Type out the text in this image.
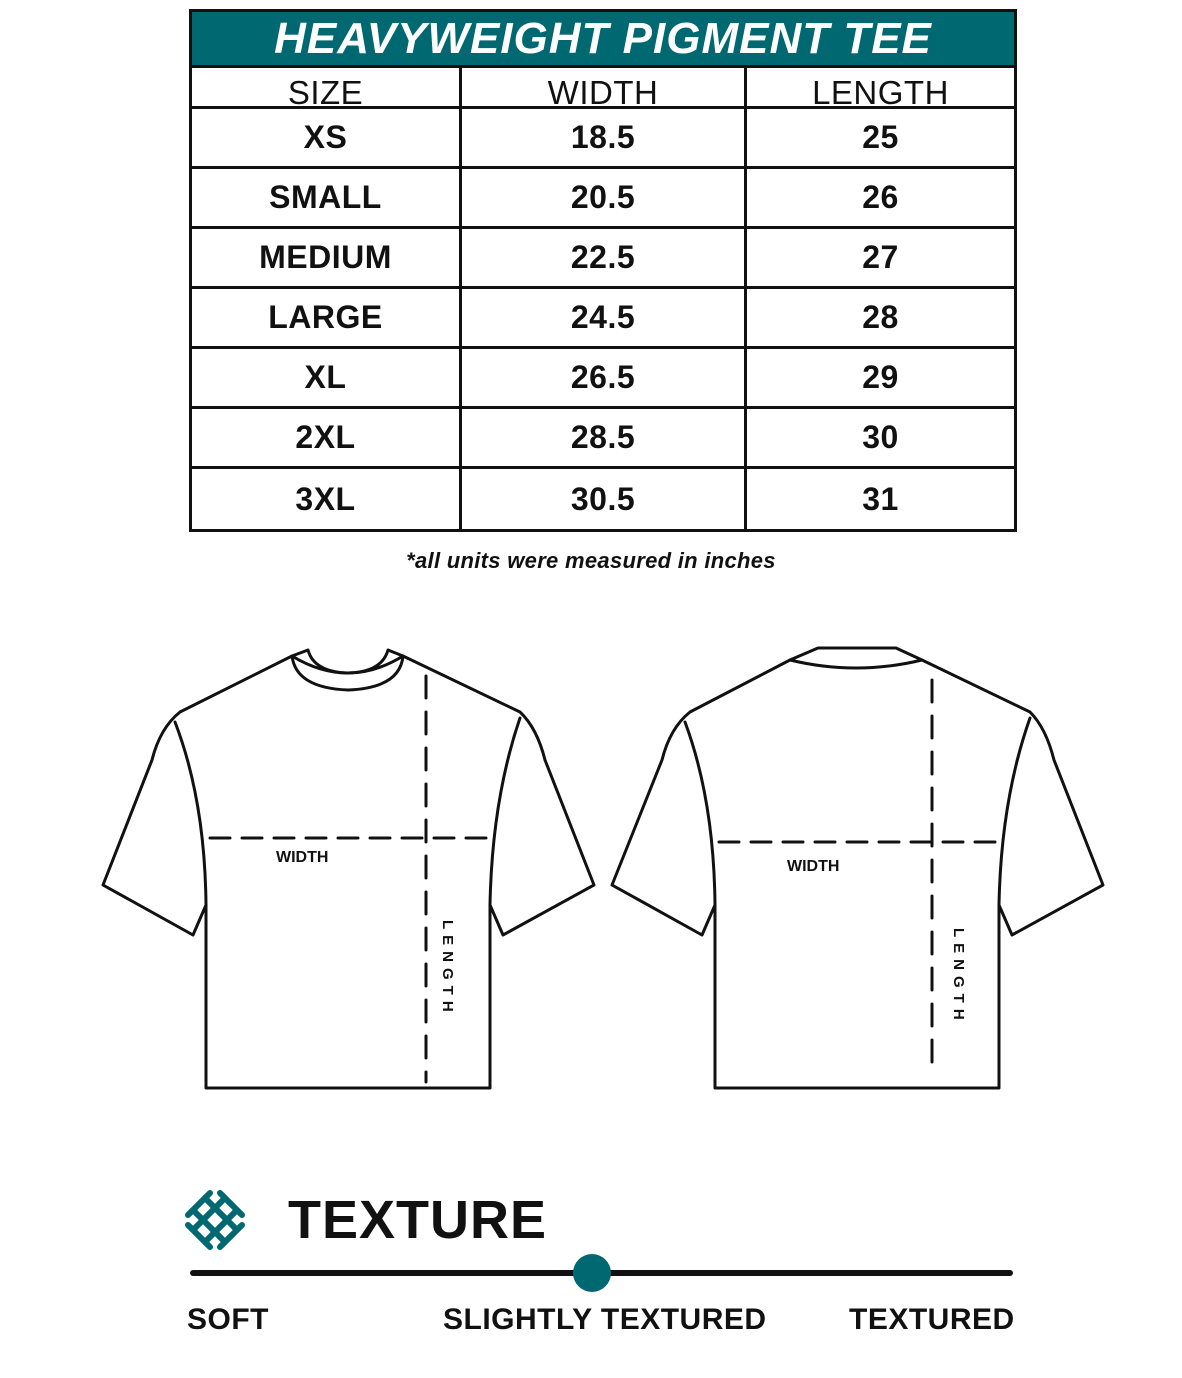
HEAVYWEIGHT PIGMENT TEE
SIZE	WIDTH	LENGTH
XS	18.5	25
SMALL	20.5	26
MEDIUM	22.5	27
LARGE	24.5	28
XL	26.5	29
2XL	28.5	30
3XL	30.5	31
*all units were measured in inches
WIDTH
LENGTH
WIDTH
LENGTH
TEXTURE
SOFT	SLIGHTLY TEXTURED	TEXTURED
